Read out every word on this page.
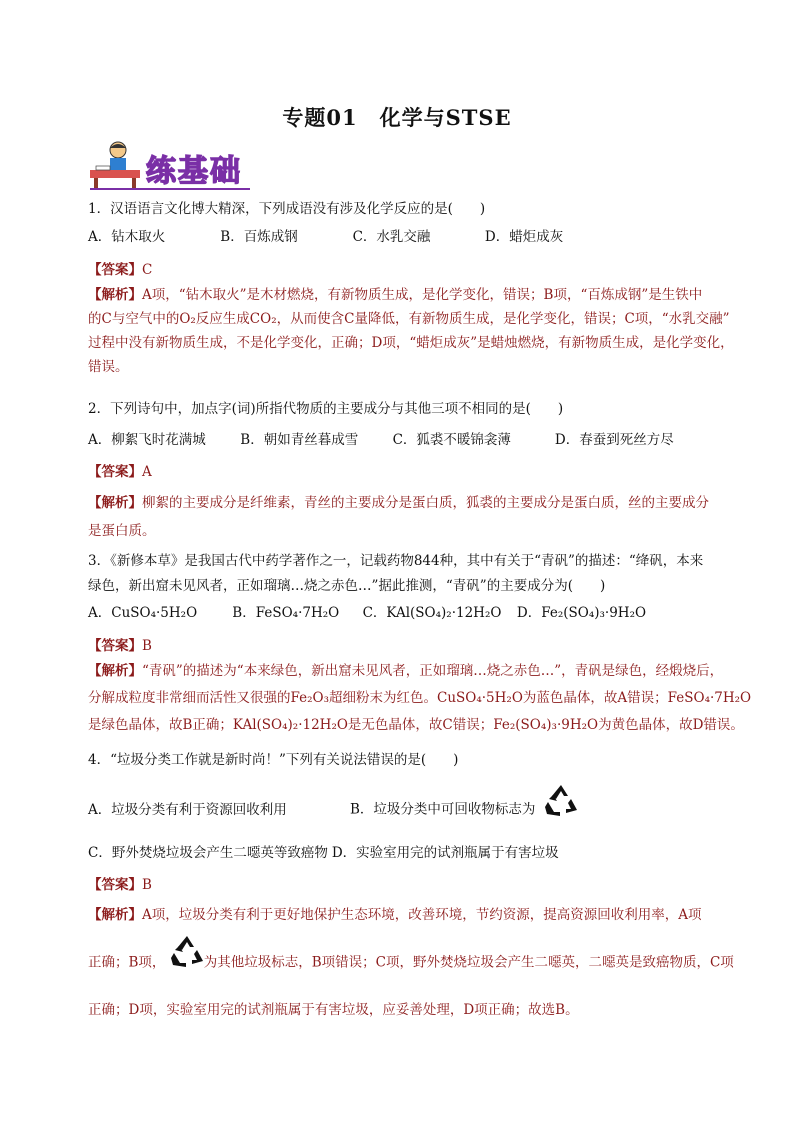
专题01　化学与STSE
练基础
1．汉语语言文化博大精深，下列成语没有涉及化学反应的是(　　)
A．钻木取火	B．百炼成钢	C．水乳交融	D．蜡炬成灰
【答案】C
【解析】A项，“钻木取火”是木材燃烧，有新物质生成，是化学变化，错误；B项，“百炼成钢”是生铁中
的C与空气中的O₂反应生成CO₂，从而使含C量降低，有新物质生成，是化学变化，错误；C项，“水乳交融”
过程中没有新物质生成，不是化学变化，正确；D项，“蜡炬成灰”是蜡烛燃烧，有新物质生成，是化学变化，
错误。
2．下列诗句中，加点字(词)所指代物质的主要成分与其他三项不相同的是(　　)
A．柳絮飞时花满城	B．朝如青丝暮成雪	C．狐裘不暖锦衾薄	D．春蚕到死丝方尽
【答案】A
【解析】柳絮的主要成分是纤维素，青丝的主要成分是蛋白质，狐裘的主要成分是蛋白质，丝的主要成分
是蛋白质。
3．《新修本草》是我国古代中药学著作之一，记载药物844种，其中有关于“青矾”的描述：“绛矾，本来
绿色，新出窟未见风者，正如瑠璃…烧之赤色…”据此推测，“青矾”的主要成分为(　　)
A．CuSO₄·5H₂O	B．FeSO₄·7H₂O C．KAl(SO₄)₂·12H₂O D．Fe₂(SO₄)₃·9H₂O
【答案】B
【解析】“青矾”的描述为“本来绿色，新出窟未见风者，正如瑠璃…烧之赤色…”，青矾是绿色，经煅烧后，
分解成粒度非常细而活性又很强的Fe₂O₃超细粉末为红色。CuSO₄·5H₂O为蓝色晶体，故A错误；FeSO₄·7H₂O
是绿色晶体，故B正确；KAl(SO₄)₂·12H₂O是无色晶体，故C错误；Fe₂(SO₄)₃·9H₂O为黄色晶体，故D错误。
4．“垃圾分类工作就是新时尚！”下列有关说法错误的是(　　)
A．垃圾分类有利于资源回收利用	B．垃圾分类中可回收物标志为
C．野外焚烧垃圾会产生二噁英等致癌物 D．实验室用完的试剂瓶属于有害垃圾
【答案】B
【解析】A项，垃圾分类有利于更好地保护生态环境，改善环境，节约资源，提高资源回收利用率，A项
正确；B项，	为其他垃圾标志，B项错误；C项，野外焚烧垃圾会产生二噁英，二噁英是致癌物质，C项
正确；D项，实验室用完的试剂瓶属于有害垃圾，应妥善处理，D项正确；故选B。
